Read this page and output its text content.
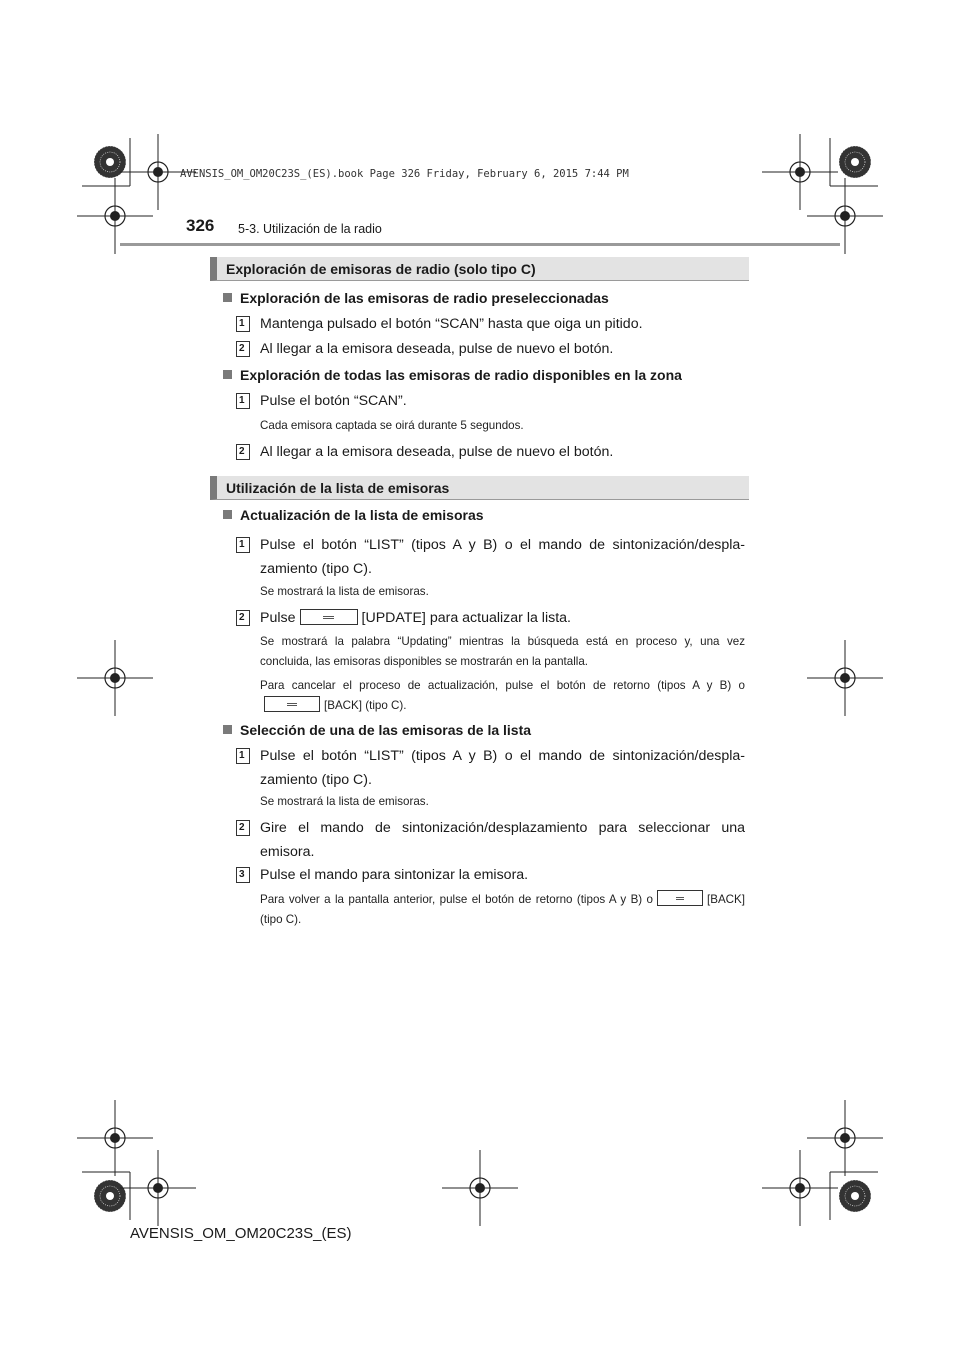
AVENSIS_OM_OM20C23S_(ES).book Page 326 Friday, February 6, 2015 7:44 PM
326 5-3. Utilización de la radio
Exploración de emisoras de radio (solo tipo C)
Exploración de las emisoras de radio preseleccionadas
1	Mantenga pulsado el botón “SCAN” hasta que oiga un pitido.
2	Al llegar a la emisora deseada, pulse de nuevo el botón.
Exploración de todas las emisoras de radio disponibles en la zona
1	Pulse el botón “SCAN”.
Cada emisora captada se oirá durante 5 segundos.
2	Al llegar a la emisora deseada, pulse de nuevo el botón.
Utilización de la lista de emisoras
Actualización de la lista de emisoras
1	Pulse el botón “LIST” (tipos A y B) o el mando de sintonización/despla-zamiento (tipo C).
Se mostrará la lista de emisoras.
2	Pulse	[UPDATE] para actualizar la lista.
Se mostrará la palabra “Updating” mientras la búsqueda está en proceso y, una vez concluida, las emisoras disponibles se mostrarán en la pantalla.
Para cancelar el proceso de actualización, pulse el botón de retorno (tipos A y B) o[BACK] (tipo C).
Selección de una de las emisoras de la lista
1	Pulse el botón “LIST” (tipos A y B) o el mando de sintonización/despla-zamiento (tipo C).
Se mostrará la lista de emisoras.
2	Gire el mando de sintonización/desplazamiento para seleccionar una emisora.
3	Pulse el mando para sintonizar la emisora.
Para volver a la pantalla anterior, pulse el botón de retorno (tipos A y B) o	[BACK] (tipo C).
AVENSIS_OM_OM20C23S_(ES)
